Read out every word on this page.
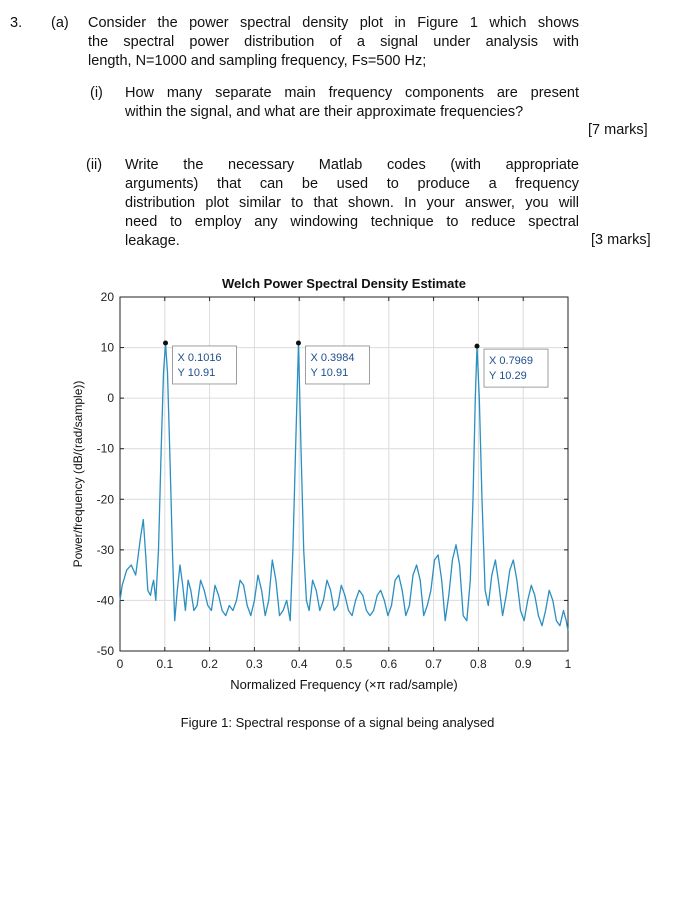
3. (a) Consider the power spectral density plot in Figure 1 which shows
the spectral power distribution of a signal under analysis with
length, N=1000 and sampling frequency, Fs=500 Hz;
(i) How many separate main frequency components are present
within the signal, and what are their approximate frequencies?
[7 marks]
(ii) Write the necessary Matlab codes (with appropriate
arguments) that can be used to produce a frequency
distribution plot similar to that shown. In your answer, you will
need to employ any windowing technique to reduce spectral
leakage.	[3 marks]
0	0.1 0.2 0.3 0.4 0.5 0.6 0.7 0.8 0.9	1
-50
-40
-30
-20
-10
0
10
20
X 0.1016
Y 10.91
X 0.3984
Y 10.91
X 0.7969
Y 10.29
Welch Power Spectral Density Estimate
Normalized Frequency (×π rad/sample)
Power/frequency (dB/(rad/sample))
Figure 1: Spectral response of a signal being analysed
